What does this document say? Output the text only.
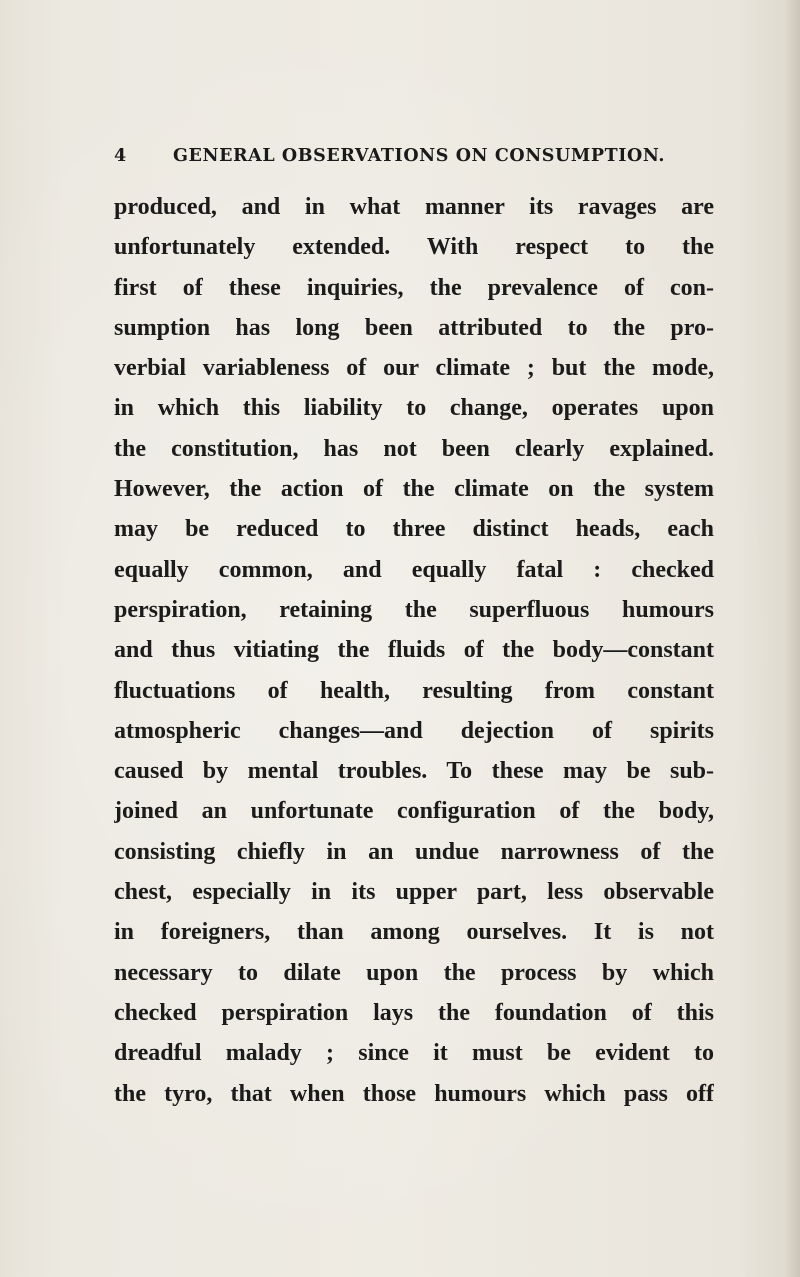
4	GENERAL OBSERVATIONS ON CONSUMPTION.
produced, and in what manner its ravages are
unfortunately extended. With respect to the
first of these inquiries, the prevalence of con-
sumption has long been attributed to the pro-
verbial variableness of our climate ; but the mode,
in which this liability to change, operates upon
the constitution, has not been clearly explained.
However, the action of the climate on the system
may be reduced to three distinct heads, each
equally common, and equally fatal : checked
perspiration, retaining the superfluous humours
and thus vitiating the fluids of the body—constant
fluctuations of health, resulting from constant
atmospheric changes—and dejection of spirits
caused by mental troubles. To these may be sub-
joined an unfortunate configuration of the body,
consisting chiefly in an undue narrowness of the
chest, especially in its upper part, less observable
in foreigners, than among ourselves. It is not
necessary to dilate upon the process by which
checked perspiration lays the foundation of this
dreadful malady ; since it must be evident to
the tyro, that when those humours which pass off
